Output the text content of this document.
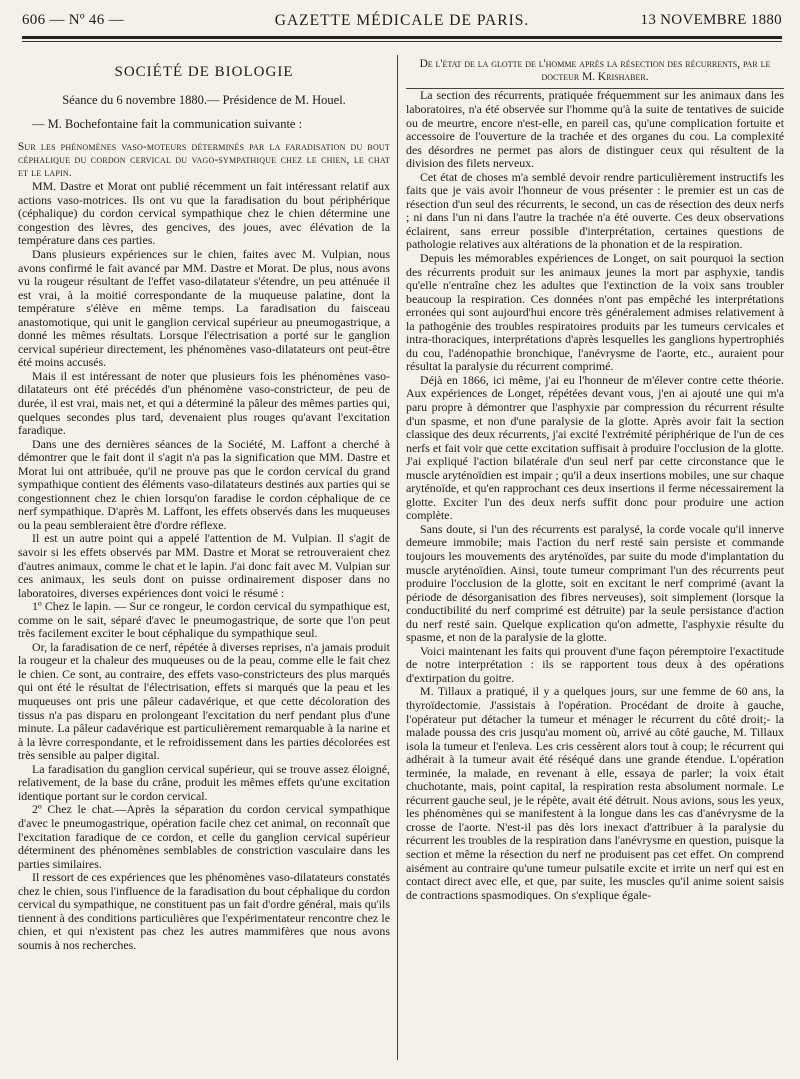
606 — Nº 46 —	GAZETTE MÉDICALE DE PARIS.	13 NOVEMBRE 1880
SOCIÉTÉ DE BIOLOGIE
Séance du 6 novembre 1880.— Présidence de M. Houel.
— M. Bochefontaine fait la communication suivante :

Sur les phénomènes vaso-moteurs déterminés par la faradisation du bout céphalique du cordon cervical du vago-sympathique chez le chien, le chat et le lapin.

MM. Dastre et Morat ont publié récemment un fait intéressant relatif aux actions vaso-motrices. Ils ont vu que la faradisation du bout périphérique (céphalique) du cordon cervical sympathique chez le chien détermine une congestion des lèvres, des gencives, des joues, avec élévation de la température dans ces parties.

Dans plusieurs expériences sur le chien, faites avec M. Vulpian, nous avons confirmé le fait avancé par MM. Dastre et Morat. De plus, nous avons vu la rougeur résultant de l'effet vaso-dilatateur s'étendre, un peu atténuée il est vrai, à la moitié correspondante de la muqueuse palatine, dont la température s'élève en même temps. La faradisation du faisceau anastomotique, qui unit le ganglion cervical supérieur au pneumogastrique, a donné les mêmes résultats. Lorsque l'électrisation a porté sur le ganglion cervical supérieur directement, les phénomènes vaso-dilatateurs ont peut-être été moins accusés.

Mais il est intéressant de noter que plusieurs fois les phénomènes vaso-dilatateurs ont été précédés d'un phénomène vaso-constricteur, de peu de durée, il est vrai, mais net, et qui a déterminé la pâleur des mêmes parties qui, quelques secondes plus tard, devenaient plus rouges qu'avant l'excitation faradique.

Dans une des dernières séances de la Société, M. Laffont a cherché à démontrer que le fait dont il s'agit n'a pas la signification que MM. Dastre et Morat lui ont attribuée, qu'il ne prouve pas que le cordon cervical du grand sympathique contient des éléments vaso-dilatateurs destinés aux parties qui se congestionnent chez le chien lorsqu'on faradise le cordon céphalique de ce nerf sympathique. D'après M. Laffont, les effets observés dans les muqueuses ou la peau sembleraient être d'ordre réflexe.

Il est un autre point qui a appelé l'attention de M. Vulpian. Il s'agit de savoir si les effets observés par MM. Dastre et Morat se retrouveraient chez d'autres animaux, comme le chat et le lapin. J'ai donc fait avec M. Vulpian sur ces animaux, les seuls dont on puisse ordinairement disposer dans no laboratoires, diverses expériences dont voici le résumé :

1º Chez le lapin. — Sur ce rongeur, le cordon cervical du sympathique est, comme on le sait, séparé d'avec le pneumogastrique, de sorte que l'on peut très facilement exciter le bout céphalique du sympathique seul.

Or, la faradisation de ce nerf, répétée à diverses reprises, n'a jamais produit la rougeur et la chaleur des muqueuses ou de la peau, comme elle le fait chez le chien. Ce sont, au contraire, des effets vaso-constricteurs des plus marqués qui ont été le résultat de l'électrisation, effets si marqués que la peau et les muqueuses ont pris une pâleur cadavérique, et que cette décoloration des tissus n'a pas disparu en prolongeant l'excitation du nerf pendant plus d'une minute. La pâleur cadavérique est particulièrement remarquable à la narine et à la lèvre correspondante, et le refroidissement dans les parties décolorées est très sensible au palper digital.

La faradisation du ganglion cervical supérieur, qui se trouve assez éloigné, relativement, de la base du crâne, produit les mêmes effets qu'une excitation identique portant sur le cordon cervical.

2º Chez le chat.—Après la séparation du cordon cervical sympathique d'avec le pneumogastrique, opération facile chez cet animal, on reconnaît que l'excitation faradique de ce cordon, et celle du ganglion cervical supérieur déterminent des phénomènes semblables de constriction vasculaire dans les parties similaires.

Il ressort de ces expériences que les phénomènes vaso-dilatateurs constatés chez le chien, sous l'influence de la faradisation du bout céphalique du cordon cervical du sympathique, ne constituent pas un fait d'ordre général, mais qu'ils tiennent à des conditions particulières que l'expérimentateur rencontre chez le chien, et qui n'existent pas chez les autres mammifères que nous avons soumis à nos recherches.

De l'état de la glotte de l'homme après la résection des récurrents, par le docteur M. Krishaber.

La section des récurrents, pratiquée fréquemment sur les animaux dans les laboratoires, n'a été observée sur l'homme qu'à la suite de tentatives de suicide ou de meurtre, encore n'est-elle, en pareil cas, qu'une complication fortuite et accessoire de l'ouverture de la trachée et des organes du cou. La complexité des désordres ne permet pas alors de distinguer ceux qui résultent de la division des filets nerveux.

Cet état de choses m'a semblé devoir rendre particulièrement instructifs les faits que je vais avoir l'honneur de vous présenter : le premier est un cas de résection d'un seul des récurrents, le second, un cas de résection des deux nerfs ; ni dans l'un ni dans l'autre la trachée n'a été ouverte. Ces deux observations éclairent, sans erreur possible d'interprétation, certaines questions de pathologie relatives aux altérations de la phonation et de la respiration.

Depuis les mémorables expériences de Longet, on sait pourquoi la section des récurrents produit sur les animaux jeunes la mort par asphyxie, tandis qu'elle n'entraîne chez les adultes que l'extinction de la voix sans troubler beaucoup la respiration. Ces données n'ont pas empêché les interprétations erronées qui sont aujourd'hui encore très généralement admises relativement à la pathogénie des troubles respiratoires produits par les tumeurs cervicales et intra-thoraciques, interprétations d'après lesquelles les ganglions hypertrophiés du cou, l'adénopathie bronchique, l'anévrysme de l'aorte, etc., auraient pour résultat la paralysie du récurrent comprimé.

Déjà en 1866, ici même, j'ai eu l'honneur de m'élever contre cette théorie. Aux expériences de Longet, répétées devant vous, j'en ai ajouté une qui m'a paru propre à démontrer que l'asphyxie par compression du récurrent résulte d'un spasme, et non d'une paralysie de la glotte. Après avoir fait la section classique des deux récurrents, j'ai excité l'extrémité périphérique de l'un de ces nerfs et fait voir que cette excitation suffisait à produire l'occlusion de la glotte. J'ai expliqué l'action bilatérale d'un seul nerf par cette circonstance que le muscle aryténoïdien est impair ; qu'il a deux insertions mobiles, une sur chaque aryténoïde, et qu'en rapprochant ces deux insertions il ferme nécessairement la glotte. Exciter l'un des deux nerfs suffit donc pour produire une action complète.

Sans doute, si l'un des récurrents est paralysé, la corde vocale qu'il innerve demeure immobile; mais l'action du nerf resté sain persiste et commande toujours les mouvements des aryténoïdes, par suite du mode d'implantation du muscle aryténoïdien. Ainsi, toute tumeur comprimant l'un des récurrents peut produire l'occlusion de la glotte, soit en excitant le nerf comprimé (avant la période de désorganisation des fibres nerveuses), soit simplement (lorsque la conductibilité du nerf comprimé est détruite) par la seule persistance d'action du nerf resté sain. Quelque explication qu'on admette, l'asphyxie résulte du spasme, et non de la paralysie de la glotte.

Voici maintenant les faits qui prouvent d'une façon péremptoire l'exactitude de notre interprétation : ils se rapportent tous deux à des opérations d'extirpation du goitre.

M. Tillaux a pratiqué, il y a quelques jours, sur une femme de 60 ans, la thyroïdectomie. J'assistais à l'opération. Procédant de droite à gauche, l'opérateur put détacher la tumeur et ménager le récurrent du côté droit;- la malade poussa des cris jusqu'au moment où, arrivé au côté gauche, M. Tillaux isola la tumeur et l'enleva. Les cris cessèrent alors tout à coup; le récurrent qui adhérait à la tumeur avait été réséqué dans une grande étendue. L'opération terminée, la malade, en revenant à elle, essaya de parler; la voix était chuchotante, mais, point capital, la respiration resta absolument normale. Le récurrent gauche seul, je le répète, avait été détruit. Nous avions, sous les yeux, les phénomènes qui se manifestent à la longue dans les cas d'anévrysme de la crosse de l'aorte. N'est-il pas dès lors inexact d'attribuer à la paralysie du récurrent les troubles de la respiration dans l'anévrysme en question, puisque la section et même la résection du nerf ne produisent pas cet effet. On comprend aisément au contraire qu'une tumeur pulsatile excite et irrite un nerf qui est en contact direct avec elle, et que, par suite, les muscles qu'il anime soient saisis de contractions spasmodiques. On s'explique égale-
